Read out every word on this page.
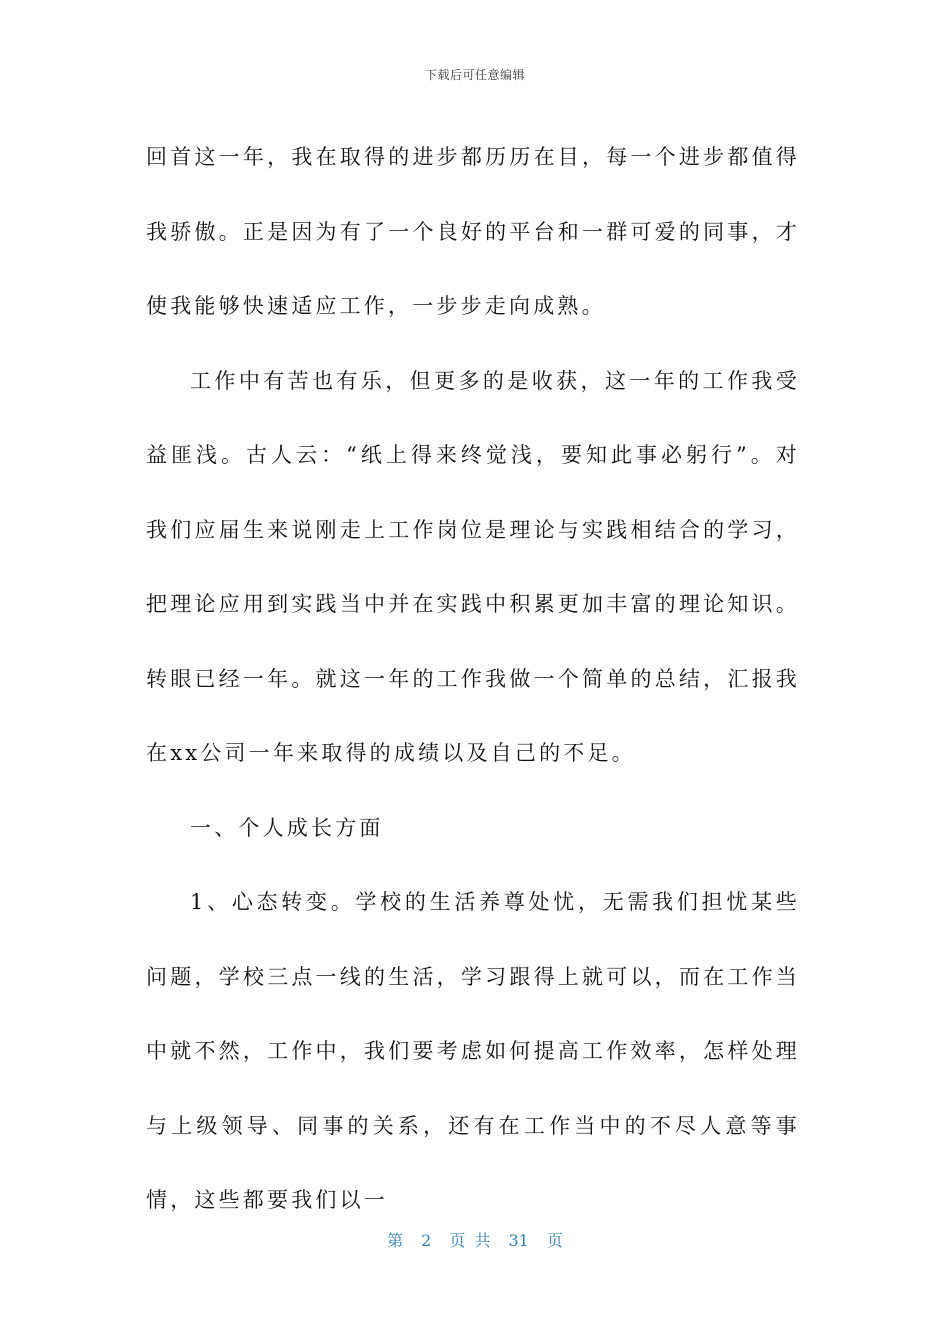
下载后可任意编辑

回首这一年，我在取得的进步都历历在目，每一个进步都值得我骄傲。正是因为有了一个良好的平台和一群可爱的同事，才使我能够快速适应工作，一步步走向成熟。

工作中有苦也有乐，但更多的是收获，这一年的工作我受益匪浅。古人云：“纸上得来终觉浅，要知此事必躬行”。对我们应届生来说刚走上工作岗位是理论与实践相结合的学习，把理论应用到实践当中并在实践中积累更加丰富的理论知识。转眼已经一年。就这一年的工作我做一个简单的总结，汇报我在xx公司一年来取得的成绩以及自己的不足。

一、个人成长方面

1、心态转变。学校的生活养尊处忧，无需我们担忧某些问题，学校三点一线的生活，学习跟得上就可以，而在工作当中就不然，工作中，我们要考虑如何提高工作效率，怎样处理与上级领导、同事的关系，还有在工作当中的不尽人意等事情，这些都要我们以一

第 2 页 共 31 页
